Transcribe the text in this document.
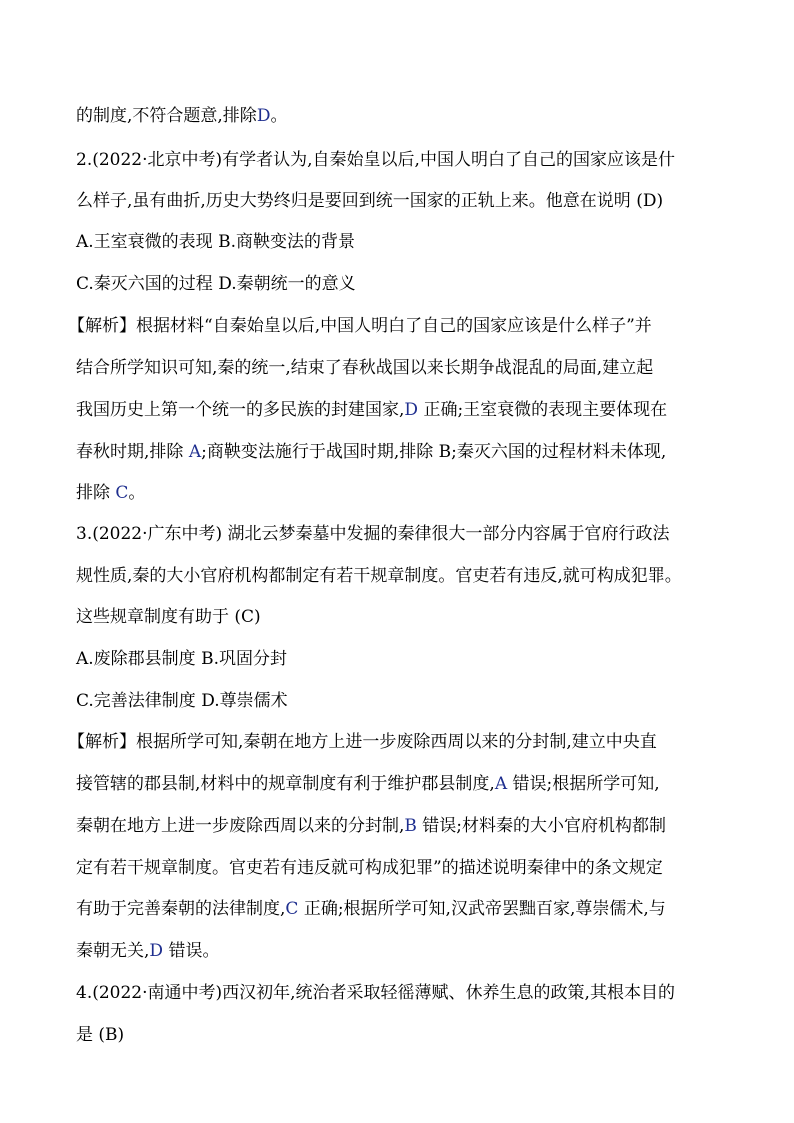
的制度,不符合题意,排除D。
2.(2022·北京中考)有学者认为,自秦始皇以后,中国人明白了自己的国家应该是什
么样子,虽有曲折,历史大势终归是要回到统一国家的正轨上来。他意在说明 (D)
A.王室衰微的表现 B.商鞅变法的背景
C.秦灭六国的过程 D.秦朝统一的意义
【解析】根据材料“自秦始皇以后,中国人明白了自己的国家应该是什么样子”并
结合所学知识可知,秦的统一,结束了春秋战国以来长期争战混乱的局面,建立起
我国历史上第一个统一的多民族的封建国家,D 正确;王室衰微的表现主要体现在
春秋时期,排除 A;商鞅变法施行于战国时期,排除 B;秦灭六国的过程材料未体现,
排除 C。
3.(2022·广东中考) 湖北云梦秦墓中发掘的秦律很大一部分内容属于官府行政法
规性质,秦的大小官府机构都制定有若干规章制度。官吏若有违反,就可构成犯罪。
这些规章制度有助于 (C)
A.废除郡县制度 B.巩固分封
C.完善法律制度 D.尊崇儒术
【解析】根据所学可知,秦朝在地方上进一步废除西周以来的分封制,建立中央直
接管辖的郡县制,材料中的规章制度有利于维护郡县制度,A 错误;根据所学可知,
秦朝在地方上进一步废除西周以来的分封制,B 错误;材料秦的大小官府机构都制
定有若干规章制度。官吏若有违反就可构成犯罪”的描述说明秦律中的条文规定
有助于完善秦朝的法律制度,C 正确;根据所学可知,汉武帝罢黜百家,尊崇儒术,与
秦朝无关,D 错误。
4.(2022·南通中考)西汉初年,统治者采取轻徭薄赋、休养生息的政策,其根本目的
是 (B)
